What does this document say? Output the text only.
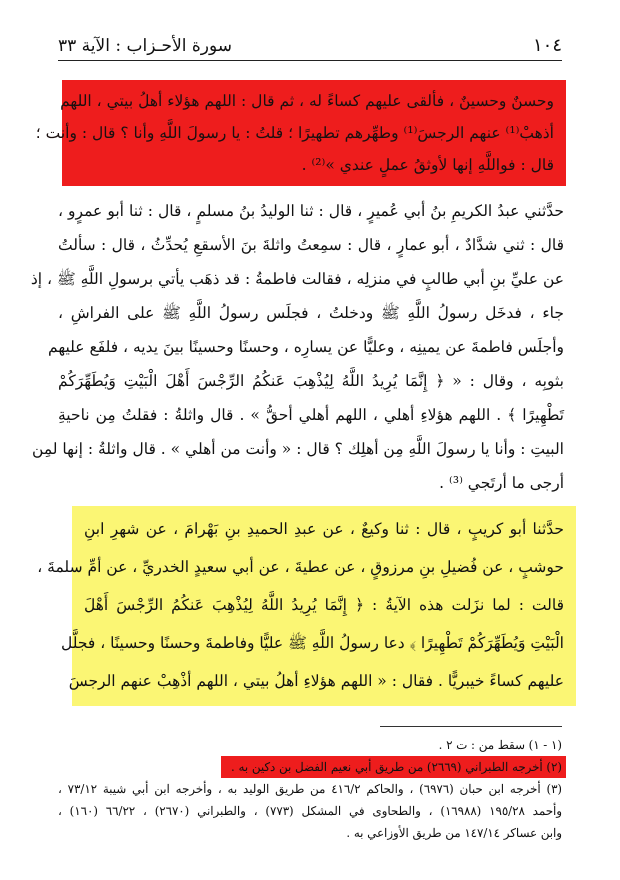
١٠٤
سورة الأحـزاب : الآية ٣٣
وحسنٌ وحسينٌ ، فألقى عليهم كساءً له ، ثم قال : اللهم هؤلاء أهلُ بيتي ، اللهم
أذهبْ⁽¹⁾ عنهم الرجسَ⁽¹⁾ وطهِّرهم تطهيرًا ؛ قلتُ : يا رسولَ اللَّهِ وأنا ؟ قال : وأنت ؛
قال : فواللَّهِ إنها لأوثقُ عملٍ عندي »⁽²⁾ .
حدَّثني عبدُ الكريمِ بنُ أبي عُميرٍ ، قال : ثنا الوليدُ بنُ مسلمٍ ، قال : ثنا أبو عمرٍو ،
قال : ثني شدَّادٌ ، أبو عمارٍ ، قال : سمِعتُ واثلةَ بنَ الأسقعِ يُحدِّثُ ، قال : سألتُ
عن عليِّ بنِ أبي طالبٍ في منزلِه ، فقالت فاطمةُ : قد ذهَب يأتي برسولِ اللَّهِ ﷺ ، إذ
جاء ، فدخَل رسولُ اللَّهِ ﷺ ودخلتُ ، فجلَس رسولُ اللَّهِ ﷺ على الفراشِ ،
وأجلَس فاطمةَ عن يمينِه ، وعليًّا عن يسارِه ، وحسنًا وحسينًا بينَ يديه ، فلفَع عليهم
بثوبِه ، وقال : « ﴿ إِنَّمَا يُرِيدُ اللَّهُ لِيُذْهِبَ عَنكُمُ الرِّجْسَ أَهْلَ الْبَيْتِ وَيُطَهِّرَكُمْ
تَطْهِيرًا ﴾ . اللهم هؤلاءِ أهلي ، اللهم أهلي أحقُّ » . قال واثلةُ : فقلتُ مِن ناحيةِ
البيتِ : وأنا يا رسولَ اللَّهِ مِن أهلِك ؟ قال : « وأنت من أهلي » . قال واثلةُ : إنها لمِن
أرجى ما أرتَجي ⁽³⁾ .
حدَّثنا أبو كريبٍ ، قال : ثنا وكيعٌ ، عن عبدِ الحميدِ بنِ بَهْرامَ ، عن شهرِ ابنِ
حوشبٍ ، عن فُضيلِ بنِ مرزوقٍ ، عن عطيةَ ، عن أبي سعيدٍ الخدريِّ ، عن أمِّ سلمةَ ،
قالت : لما نزَلت هذه الآيةُ : ﴿ إِنَّمَا يُرِيدُ اللَّهُ لِيُذْهِبَ عَنكُمُ الرِّجْسَ أَهْلَ
الْبَيْتِ وَيُطَهِّرَكُمْ تَطْهِيرًا ﴾ دعا رسولُ اللَّهِ ﷺ عليًّا وفاطمةَ وحسنًا وحسينًا ، فجلَّل
عليهم كساءً خيبريًّا . فقال : « اللهم هؤلاءِ أهلُ بيتي ، اللهم أذْهِبْ عنهم الرجسَ
(١ - ١) سقط من : ت ٢ .
(٢) أخرجه الطبراني (٢٦٦٩) من طريق أبي نعيم الفضل بن دكين به .
(٣) أخرجه ابن حبان (٦٩٧٦) ، والحاكم ٤١٦/٢ من طريق الوليد به ، وأخرجه ابن أبي شيبة ٧٣/١٢ ،
وأحمد ١٩٥/٢٨ (١٦٩٨٨) ، والطحاوى في المشكل (٧٧٣) ، والطبراني (٢٦٧٠) ، ٦٦/٢٢ (١٦٠) ،
وابن عساكر ١٤٧/١٤ من طريق الأوزاعي به .
